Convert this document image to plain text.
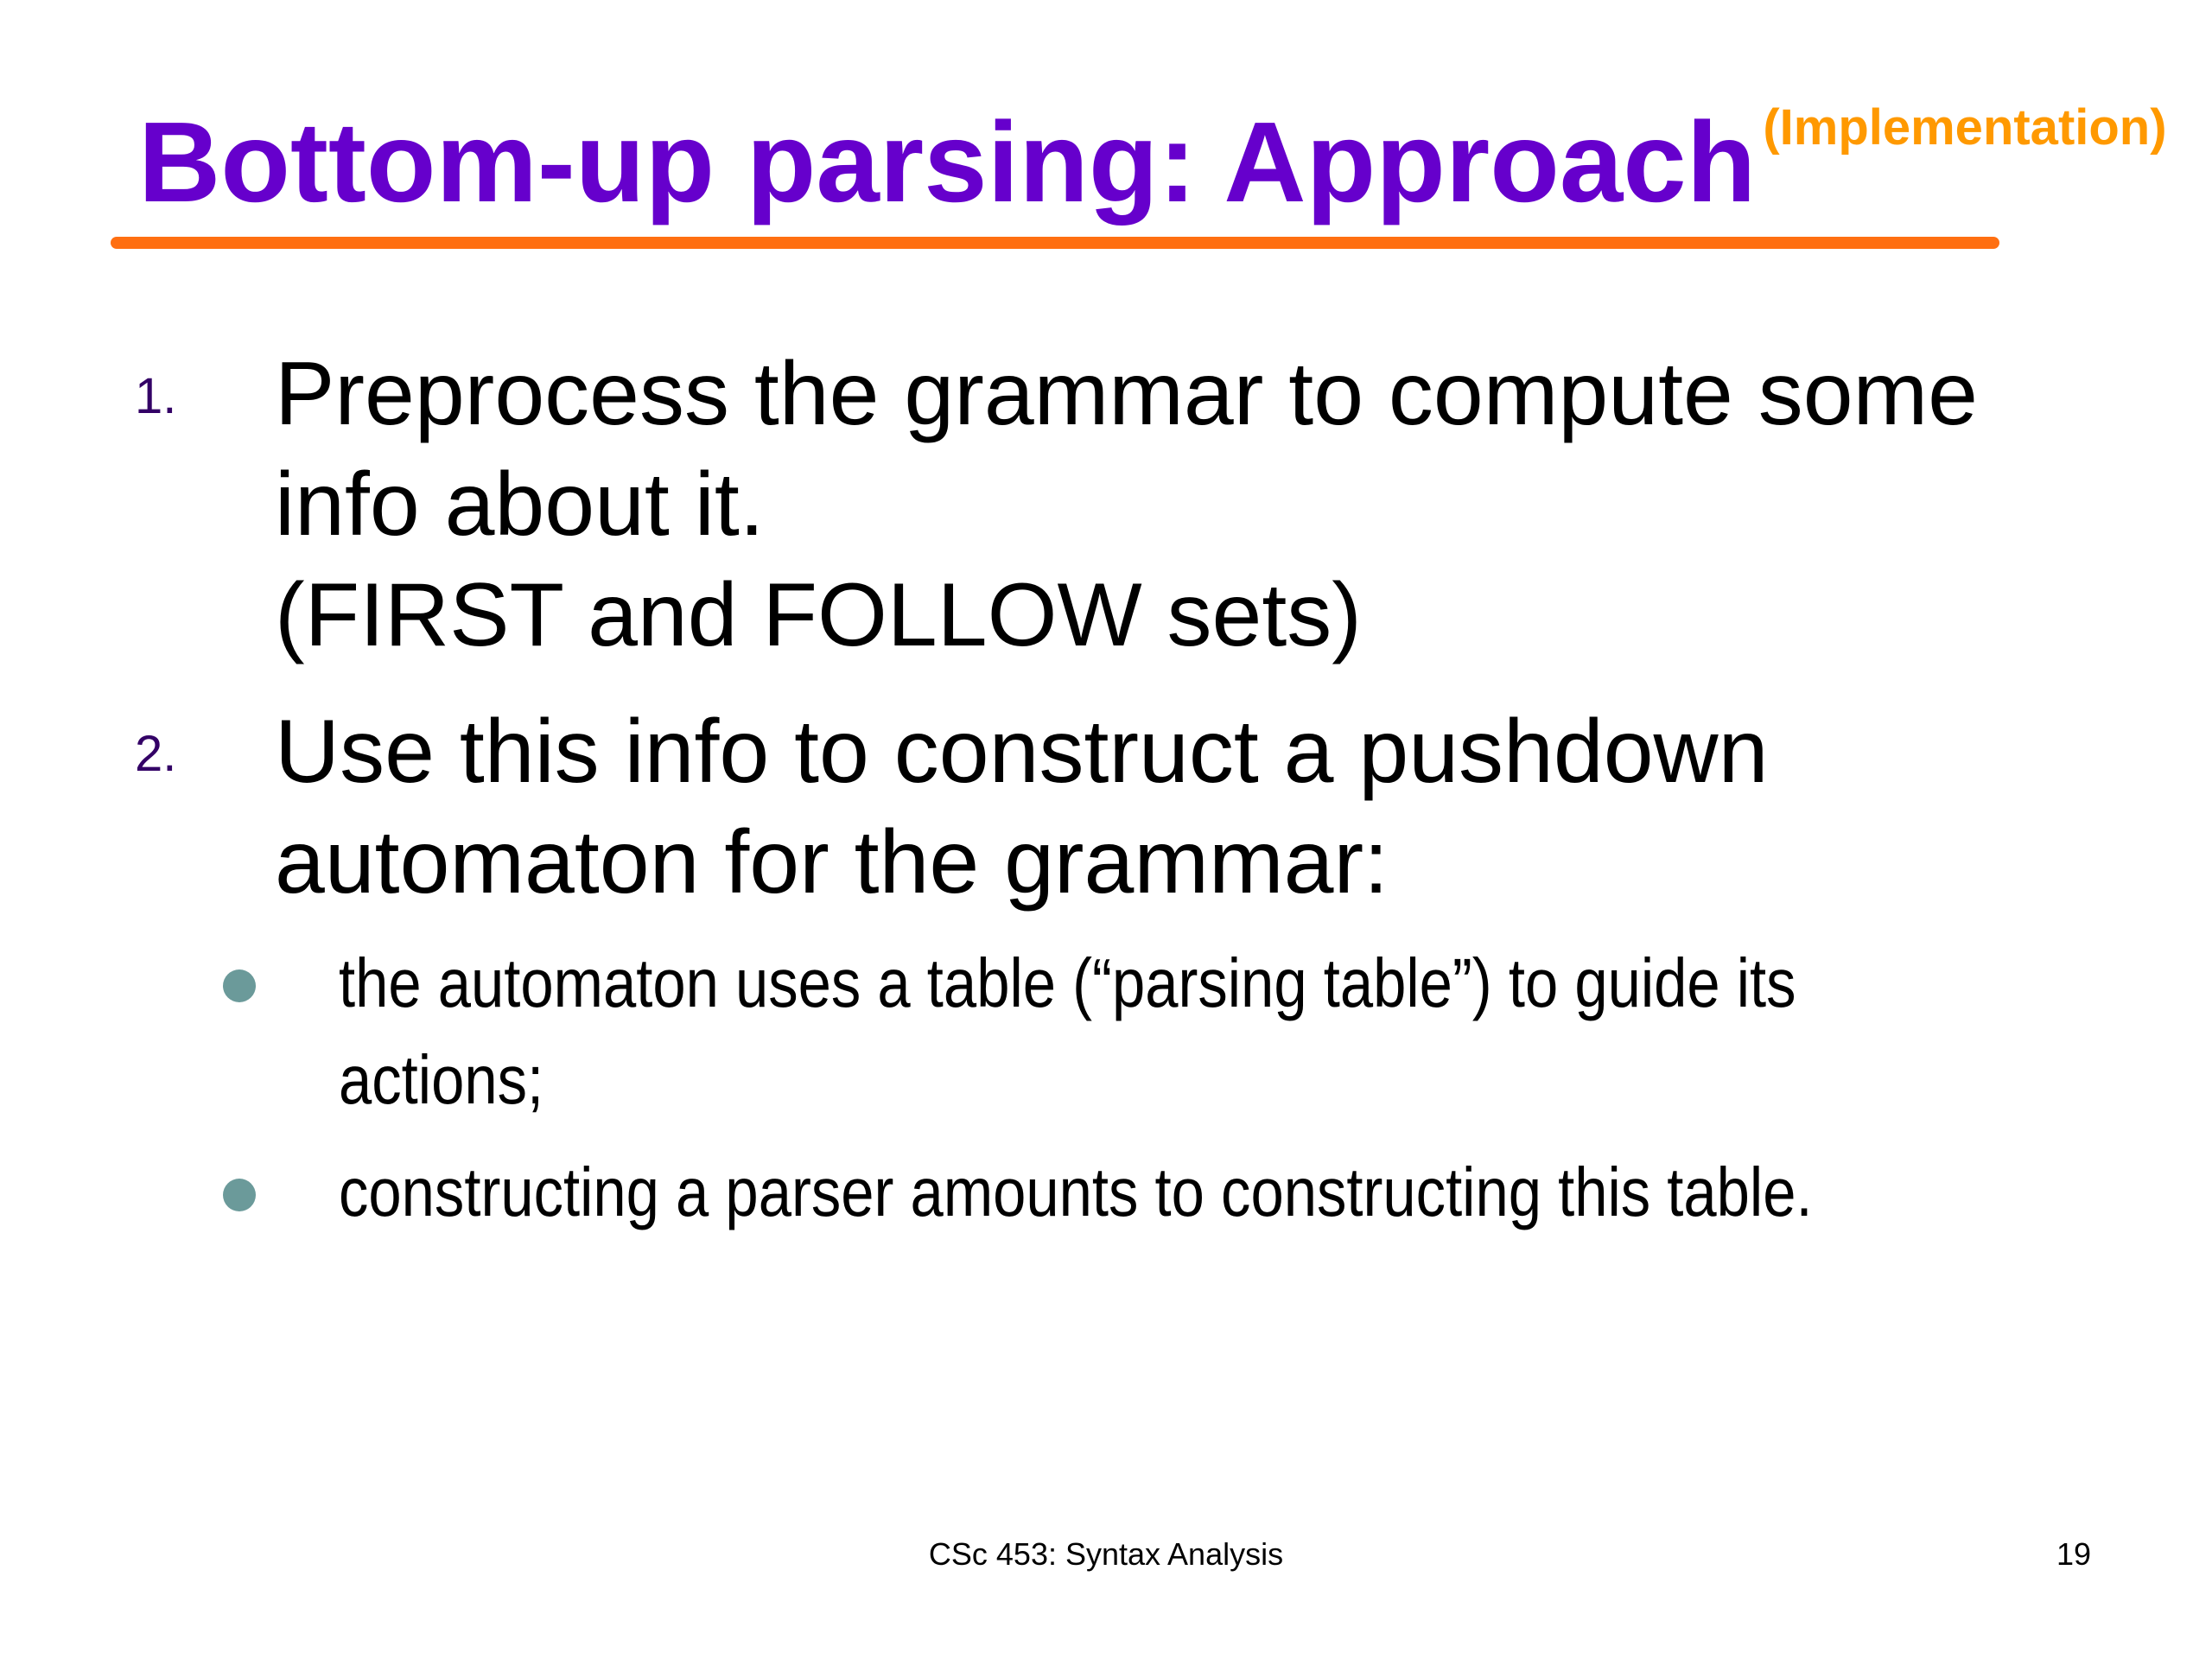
Bottom-up parsing: Approach (Implementation)
1. Preprocess the grammar to compute some
info about it.
(FIRST and FOLLOW sets)
2. Use this info to construct a pushdown
automaton for the grammar:
the automaton uses a table (“parsing table”) to guide its
actions;
constructing a parser amounts to constructing this table.
CSc 453: Syntax Analysis	19
